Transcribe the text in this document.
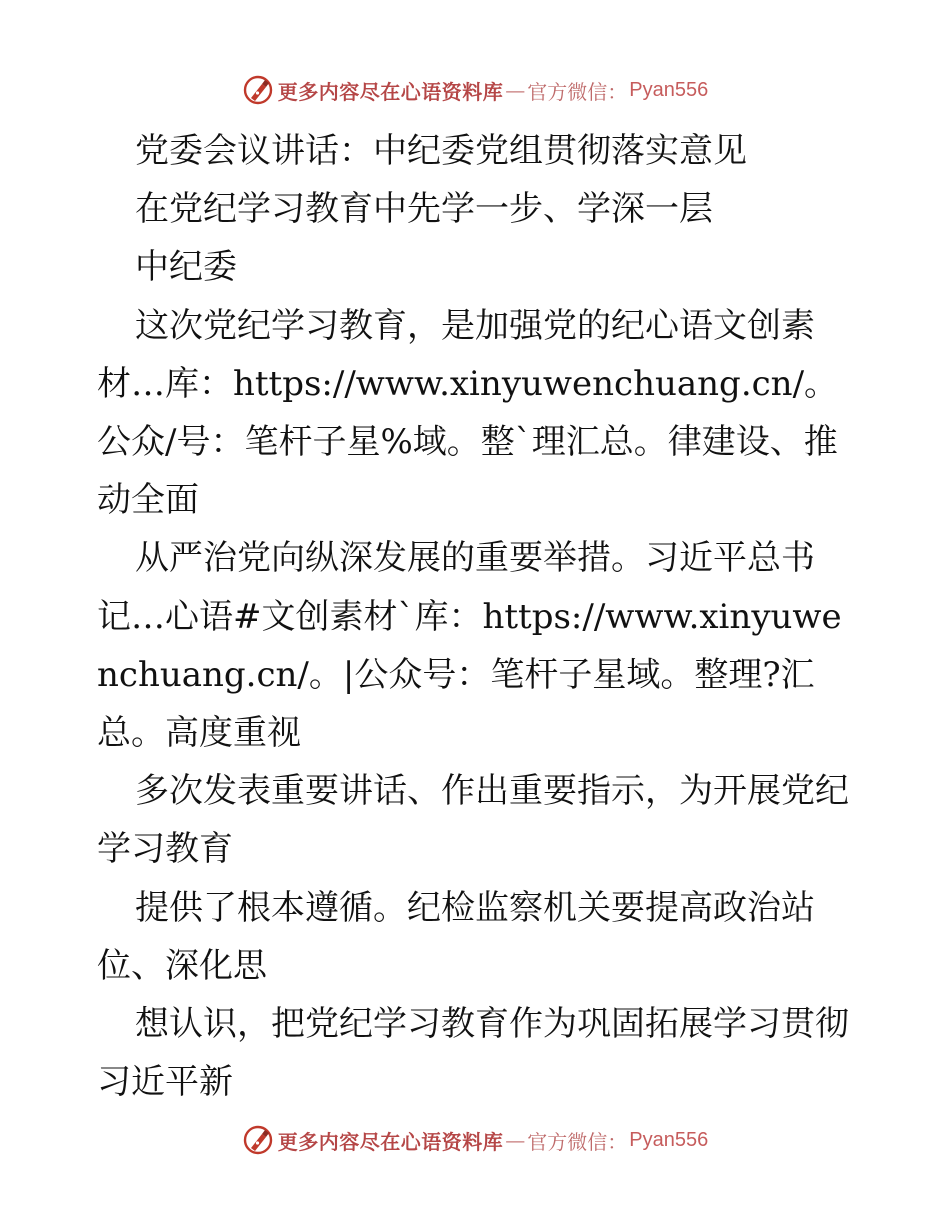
更多内容尽在心语资料库 — 官方微信： Pyan556

党委会议讲话：中纪委党组贯彻落实意见

在党纪学习教育中先学一步、学深一层

中纪委

这次党纪学习教育，是加强党的纪心语文创素材…库：https://www.xinyuwenchuang.cn/。公众/号：笔杆子星%域。整`理汇总。律建设、推动全面

从严治党向纵深发展的重要举措。习近平总书记…心语#文创素材`库：https://www.xinyuwenchuang.cn/。|公众号：笔杆子星域。整理?汇总。高度重视

多次发表重要讲话、作出重要指示，为开展党纪学习教育

提供了根本遵循。纪检监察机关要提高政治站位、深化思

想认识，把党纪学习教育作为巩固拓展学习贯彻习近平新

更多内容尽在心语资料库 — 官方微信： Pyan556
